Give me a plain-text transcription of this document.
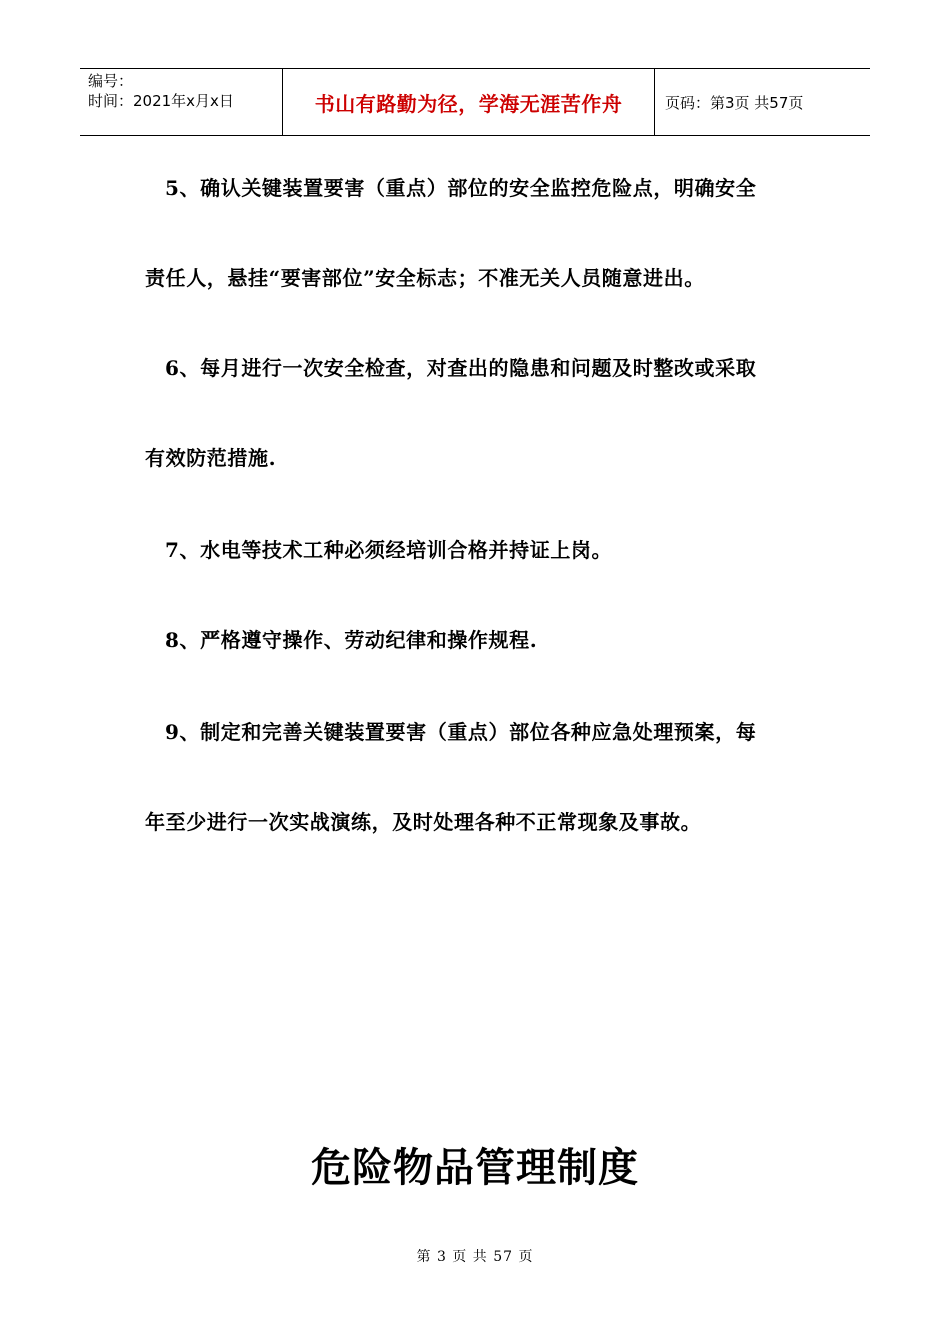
编号：
时间：2021年x月x日	书山有路勤为径，学海无涯苦作舟	页码：第3页 共57页
5、确认关键装置要害（重点）部位的安全监控危险点，明确安全
责任人，悬挂“要害部位”安全标志；不准无关人员随意进出。
6、每月进行一次安全检查，对查出的隐患和问题及时整改或采取
有效防范措施.
7、水电等技术工种必须经培训合格并持证上岗。
8、严格遵守操作、劳动纪律和操作规程.
9、制定和完善关键装置要害（重点）部位各种应急处理预案，每
年至少进行一次实战演练，及时处理各种不正常现象及事故。
危险物品管理制度
第 3 页 共 57 页
